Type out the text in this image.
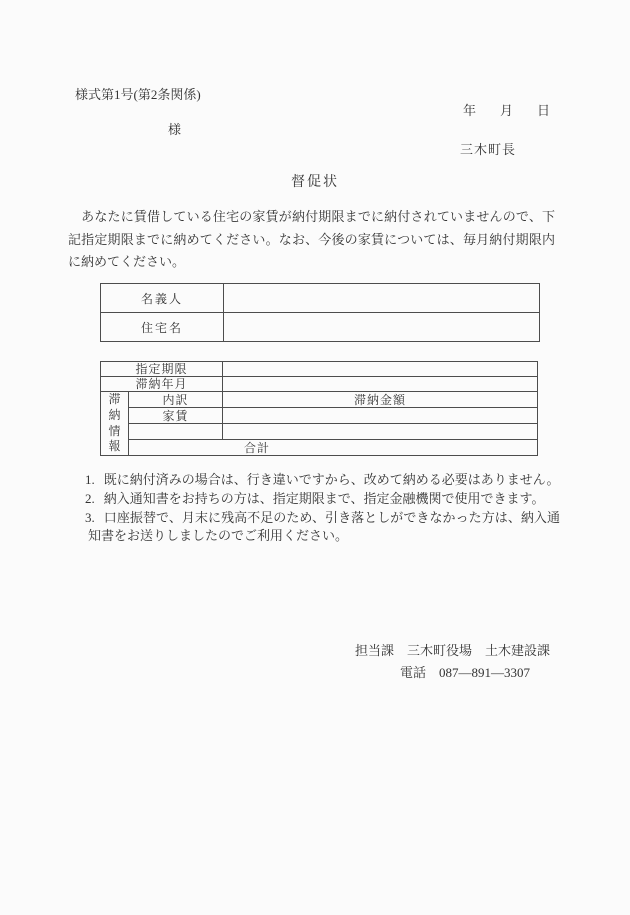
様式第1号(第2条関係)
年 月 日
様
三木町長
督促状

　あなたに賃借している住宅の家賃が納付期限までに納付されていませんので、下記指定期限までに納めてください。なお、今後の家賃については、毎月納付期限内に納めてください。

名義人	
住宅名	
指定期限		
滞納年月		

滞納情報	内訳	滞納金額
	家賃	

	合計	
1. 既に納付済みの場合は、行き違いですから、改めて納める必要はありません。
2. 納入通知書をお持ちの方は、指定期限まで、指定金融機関で使用できます。
3. 口座振替で、月末に残高不足のため、引き落としができなかった方は、納入通知書をお送りしましたのでご利用ください。
担当課　三木町役場　土木建設課
電話　087―891―3307
